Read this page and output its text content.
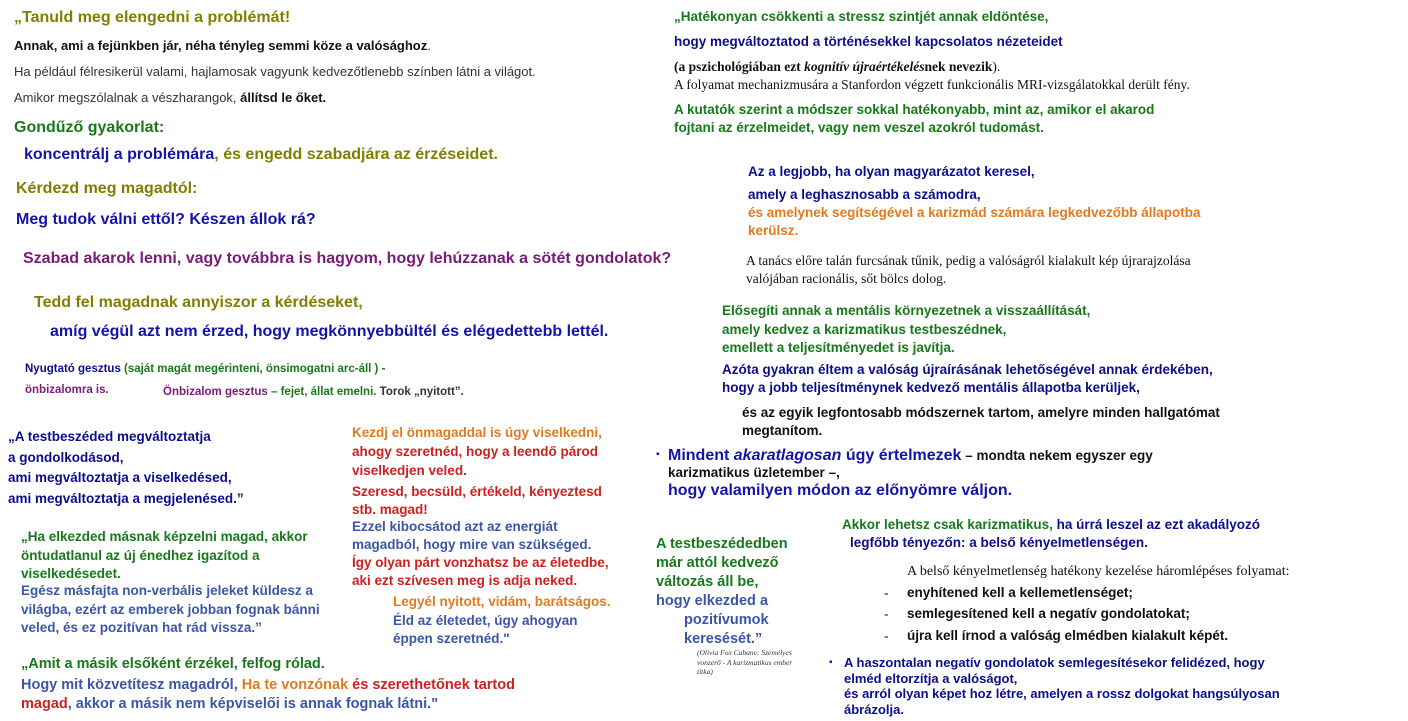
„Tanuld meg elengedni a problémát!
Annak, ami a fejünkben jár, néha tényleg semmi köze a valósághoz.
Ha például félresikerül valami, hajlamosak vagyunk kedvezőtlenebb színben látni a világot.
Amikor megszólalnak a vészharangok, állítsd le őket.
Gondűző gyakorlat:
koncentrálj a problémára, és engedd szabadjára az érzéseidet.
Kérdezd meg magadtól:
Meg tudok válni ettől? Készen állok rá?
Szabad akarok lenni, vagy továbbra is hagyom, hogy lehúzzanak a sötét gondolatok?
Tedd fel magadnak annyiszor a kérdéseket,
amíg végül azt nem érzed, hogy megkönnyebbültél és elégedettebb lettél.
Nyugtató gesztus (saját magát megérinteni, önsimogatni arc-áll ) -
önbizalomra is.	Önbizalom gesztus – fejet, állat emelni. Torok „nyitott”.
„A testbeszéded megváltoztatja
a gondolkodásod,
ami megváltoztatja a viselkedésed,
ami megváltoztatja a megjelenésed.”
„Ha elkezded másnak képzelni magad, akkor
öntudatlanul az új énedhez igazítod a
viselkedésedet.
Egész másfajta non-verbális jeleket küldesz a
világba, ezért az emberek jobban fognak bánni
veled, és ez pozitívan hat rád vissza.”
„Amit a másik elsőként érzékel, felfog rólad.
Hogy mit közvetítesz magadról, Ha te vonzónak és szerethetőnek tartod
magad, akkor a másik nem képviselői is annak fognak látni."
Kezdj el önmagaddal is úgy viselkedni,
ahogy szeretnéd, hogy a leendő párod
viselkedjen veled.
Szeresd, becsüld, értékeld, kényeztesd
stb. magad!
Ezzel kibocsátod azt az energiát
magadból, hogy mire van szükséged.
Így olyan párt vonzhatsz be az életedbe,
aki ezt szívesen meg is adja neked.
Legyél nyitott, vidám, barátságos.
Éld az életedet, úgy ahogyan
éppen szeretnéd."
A testbeszédedben
már attól kedvező
változás áll be,
hogy elkezded a
pozitívumok
keresését.”
(Olivia Fox Cabane: Személyes
vonzerő - A karizmatikus ember
titka)
„Hatékonyan csökkenti a stressz szintjét annak eldöntése,
hogy megváltoztatod a történésekkel kapcsolatos nézeteidet
(a pszichológiában ezt kognitív újraértékelésnek nevezik).
A folyamat mechanizmusára a Stanfordon végzett funkcionális MRI-vizsgálatokkal derült fény.
A kutatók szerint a módszer sokkal hatékonyabb, mint az, amikor el akarod
fojtani az érzelmeidet, vagy nem veszel azokról tudomást.
Az a legjobb, ha olyan magyarázatot keresel,
amely a leghasznosabb a számodra,
és amelynek segítségével a karizmád számára legkedvezőbb állapotba
kerülsz.
A tanács előre talán furcsának tűnik, pedig a valóságról kialakult kép újrarajzolása
valójában racionális, sőt bölcs dolog.
Elősegíti annak a mentális környezetnek a visszaállítását,
amely kedvez a karizmatikus testbeszédnek,
emellett a teljesítményedet is javítja.
Azóta gyakran éltem a valóság újraírásának lehetőségével annak érdekében,
hogy a jobb teljesítménynek kedvező mentális állapotba kerüljek,
és az egyik legfontosabb módszernek tartom, amelyre minden hallgatómat
megtanítom.
▪ Mindent akaratlagosan úgy értelmezek – mondta nekem egyszer egy
karizmatikus üzletember –,
hogy valamilyen módon az előnyömre váljon.
Akkor lehetsz csak karizmatikus, ha úrrá leszel az ezt akadályozó
legfőbb tényezőn: a belső kényelmetlenségen.
A belső kényelmetlenség hatékony kezelése háromlépéses folyamat:
- enyhítened kell a kellemetlenséget;
- semlegesítened kell a negatív gondolatokat;
- újra kell írnod a valóság elmédben kialakult képét.
▪ A haszontalan negatív gondolatok semlegesítésekor felidézed, hogy
elméd eltorzítja a valóságot,
és arról olyan képet hoz létre, amelyen a rossz dolgokat hangsúlyosan
ábrázolja.
